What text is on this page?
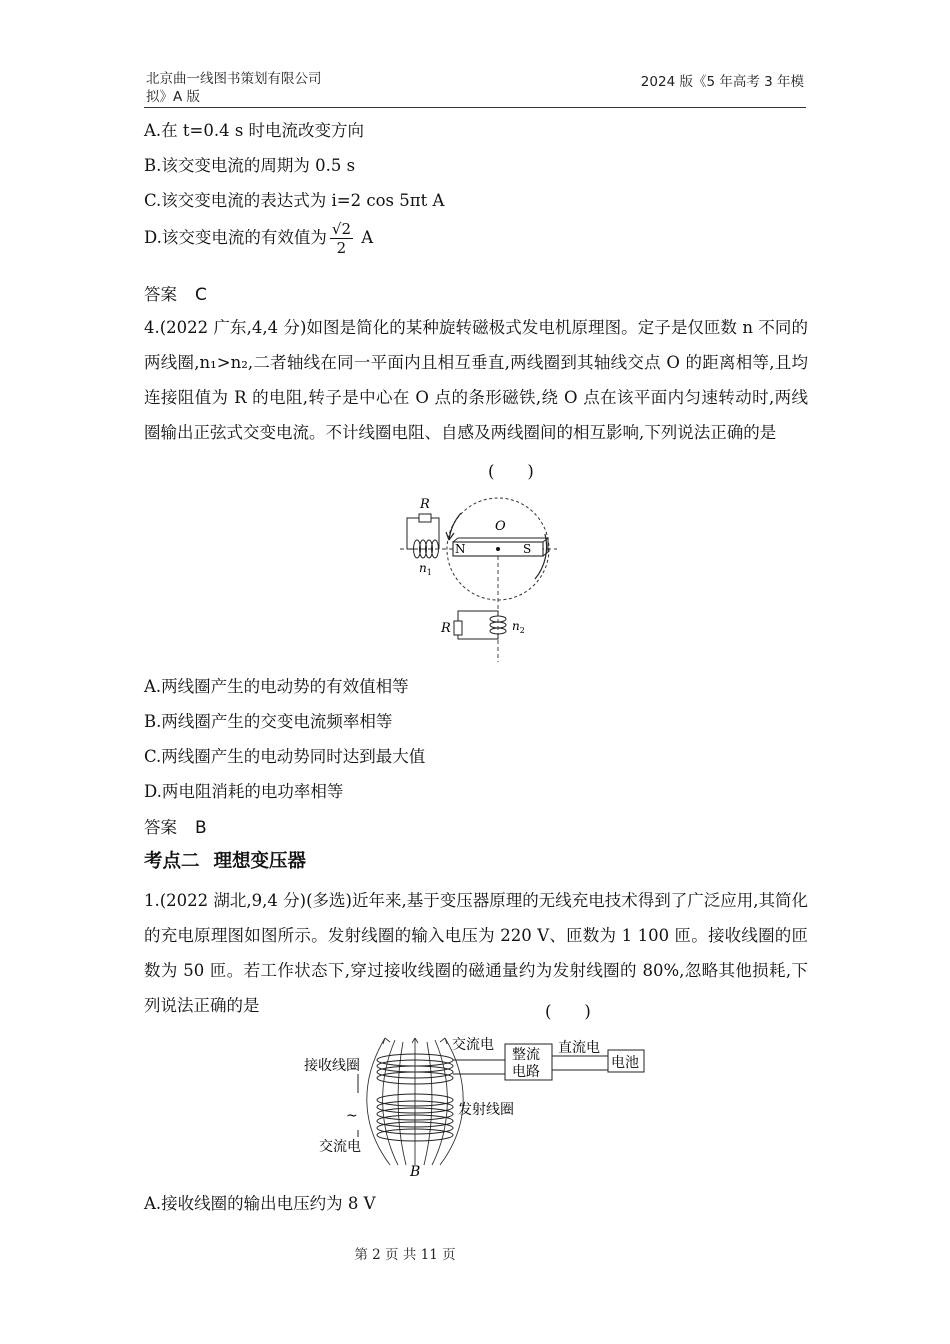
北京曲一线图书策划有限公司
拟》A 版
2024 版《5 年高考 3 年模
A.在 t=0.4 s 时电流改变方向
B.该交变电流的周期为 0.5 s
C.该交变电流的表达式为 i=2 cos 5πt A
D.该交变电流的有效值为 $\frac{√2}{2}$ A
答案 C
4.(2022 广东,4,4 分)如图是简化的某种旋转磁极式发电机原理图。定子是仅匝数 n 不同的两线圈,n₁>n₂,二者轴线在同一平面内且相互垂直,两线圈到其轴线交点 O 的距离相等,且均连接阻值为 R 的电阻,转子是中心在 O 点的条形磁铁,绕 O 点在该平面内匀速转动时,两线圈输出正弦式交变电流。不计线圈电阻、自感及两线圈间的相互影响,下列说法正确的是
(　　)
N	S
O
R
$n_1$
R	$n_2$
A.两线圈产生的电动势的有效值相等
B.两线圈产生的交变电流频率相等
C.两线圈产生的电动势同时达到最大值
D.两电阻消耗的电功率相等
答案 B
考点二 理想变压器
1.(2022 湖北,9,4 分)(多选)近年来,基于变压器原理的无线充电技术得到了广泛应用,其简化的充电原理图如图所示。发射线圈的输入电压为 220 V、匝数为 1 100 匝。接收线圈的匝数为 50 匝。若工作状态下,穿过接收线圈的磁通量约为发射线圈的 80%,忽略其他损耗,下列说法正确的是	(　　)
整流
电路
电池
直流电
交流电
接收线圈
发射线圈
~
交流电
B
A.接收线圈的输出电压约为 8 V
第 2 页 共 11 页
